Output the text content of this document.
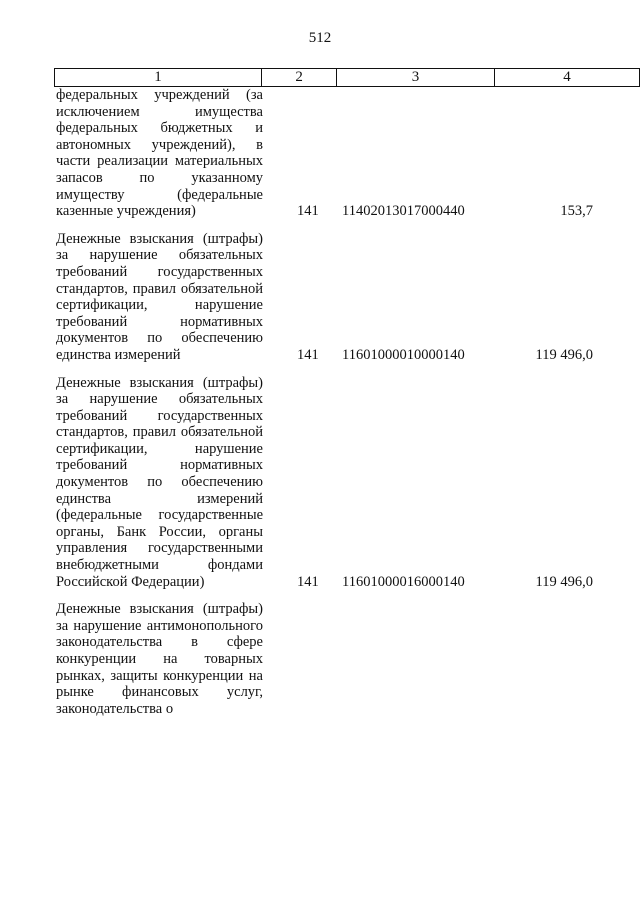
512
1	2	3	4
федеральных учреждений (за исключением имущества федеральных бюджетных и автономных учреждений), в части реализации материальных запасов по указанному имуществу (федеральные казенные учреждения)	141 11402013017000440	153,7
Денежные взыскания (штрафы) за нарушение обязательных требований государственных стандартов, правил обязательной сертификации, нарушение требований нормативных документов по обеспечению единства измерений	141 11601000010000140	119 496,0
Денежные взыскания (штрафы) за нарушение обязательных требований государственных стандартов, правил обязательной сертификации, нарушение требований нормативных документов по обеспечению единства измерений (федеральные государственные органы, Банк России, органы управления государственными внебюджетными фондами Российской Федерации)	141 11601000016000140	119 496,0
Денежные взыскания (штрафы) за нарушение антимонопольного законодательства в сфере конкуренции на товарных рынках, защиты конкуренции на рынке финансовых услуг, законодательства о
